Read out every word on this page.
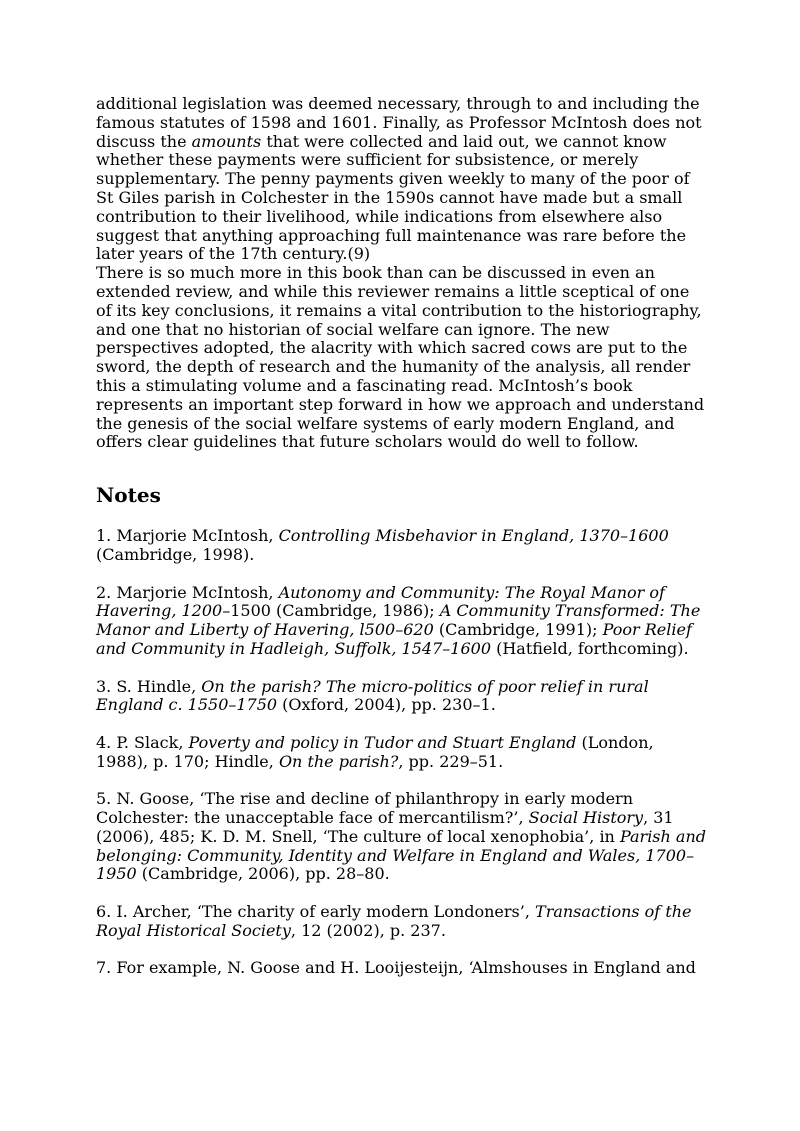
additional legislation was deemed necessary, through to and including the famous statutes of 1598 and 1601. Finally, as Professor McIntosh does not discuss the amounts that were collected and laid out, we cannot know whether these payments were sufficient for subsistence, or merely supplementary. The penny payments given weekly to many of the poor of St Giles parish in Colchester in the 1590s cannot have made but a small contribution to their livelihood, while indications from elsewhere also suggest that anything approaching full maintenance was rare before the later years of the 17th century.(9)

There is so much more in this book than can be discussed in even an extended review, and while this reviewer remains a little sceptical of one of its key conclusions, it remains a vital contribution to the historiography, and one that no historian of social welfare can ignore. The new perspectives adopted, the alacrity with which sacred cows are put to the sword, the depth of research and the humanity of the analysis, all render this a stimulating volume and a fascinating read. McIntosh’s book represents an important step forward in how we approach and understand the genesis of the social welfare systems of early modern England, and offers clear guidelines that future scholars would do well to follow.

Notes

1. Marjorie McIntosh, Controlling Misbehavior in England, 1370–1600 (Cambridge, 1998).

2. Marjorie McIntosh, Autonomy and Community: The Royal Manor of Havering, 1200–1500 (Cambridge, 1986); A Community Transformed: The Manor and Liberty of Havering, l500–620 (Cambridge, 1991); Poor Relief and Community in Hadleigh, Suffolk, 1547–1600 (Hatfield, forthcoming).

3. S. Hindle, On the parish? The micro-politics of poor relief in rural England c. 1550–1750 (Oxford, 2004), pp. 230–1.

4. P. Slack, Poverty and policy in Tudor and Stuart England (London, 1988), p. 170; Hindle, On the parish?, pp. 229–51.

5. N. Goose, ‘The rise and decline of philanthropy in early modern Colchester: the unacceptable face of mercantilism?’, Social History, 31 (2006), 485; K. D. M. Snell, ‘The culture of local xenophobia’, in Parish and belonging: Community, Identity and Welfare in England and Wales, 1700–1950 (Cambridge, 2006), pp. 28–80.

6. I. Archer, ‘The charity of early modern Londoners’, Transactions of the Royal Historical Society, 12 (2002), p. 237.

7. For example, N. Goose and H. Looijesteijn, ‘Almshouses in England and
